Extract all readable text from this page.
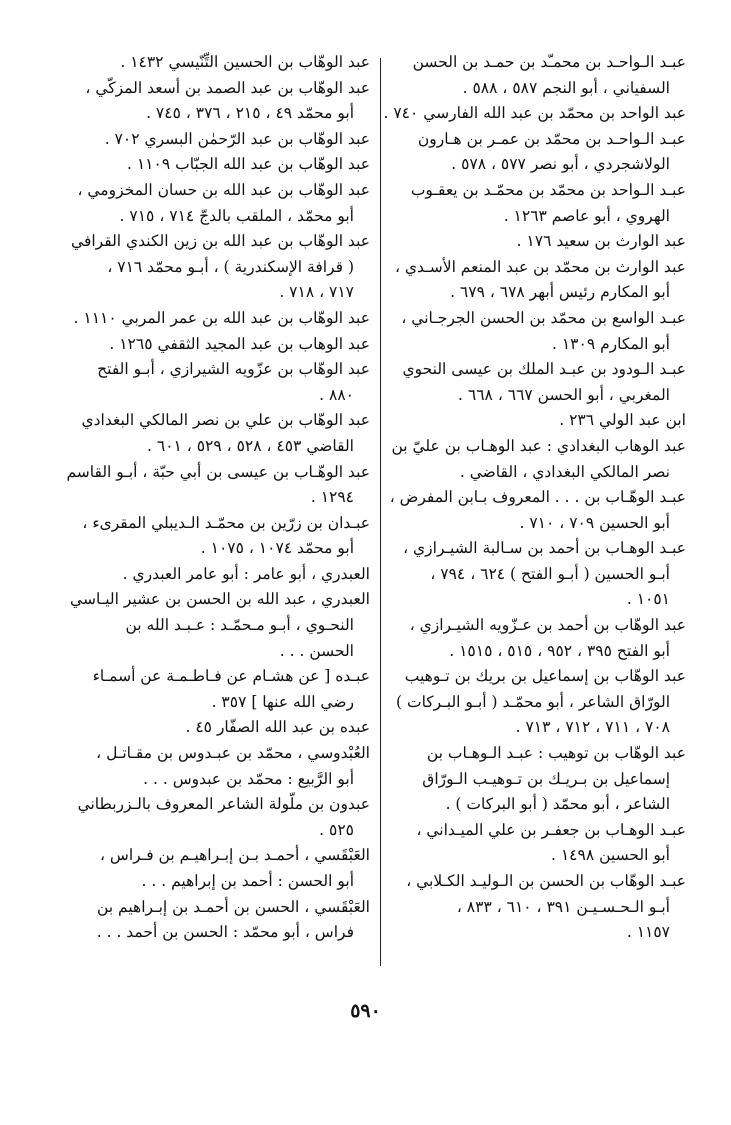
عبـد الـواحـد بن محمـّد بن حمـد بن الحسن
السفياني ، أبو النجم ٥٨٧ ، ٥٨٨ .

عبد الواحد بن محمّد بن عبد الله الفارسي ٧٤٠ .

عبـد الـواحـد بن محمّد بن عمـر بن هـارون
الولاشجردي ، أبو نصر ٥٧٧ ، ٥٧٨ .

عبـد الـواحد بن محمّد بن محمّـد بن يعقـوب
الهروي ، أبو عاصم ١٢٦٣ .

عبد الوارث بن سعيد ١٧٦ .

عبد الوارث بن محمّد بن عبد المنعم الأسـدي ،
أبو المكارم رئيس أبهر ٦٧٨ ، ٦٧٩ .

عبـد الواسع بن محمّد بن الحسن الجرجـاني ،
أبو المكارم ١٣٠٩ .

عبـد الـودود بن عبـد الملك بن عيسى النحوي
المغربي ، أبو الحسن ٦٦٧ ، ٦٦٨ .

ابن عبد الولي ٢٣٦ .

عبد الوهاب البغدادي : عبد الوهـاب بن عليّ بن
نصر المالكي البغدادي ، القاضي .

عبـد الوهّـاب بن . . . المعروف بـابن المفرض ،
أبو الحسين ٧٠٩ ، ٧١٠ .

عبـد الوهـاب بن أحمد بن سـالبة الشيـرازي ،
أبـو الحسين ( أبـو الفتح ) ٦٢٤ ، ٧٩٤ ،
١٠٥١ .

عبد الوهّاب بن أحمد بن عـزّويه الشيـرازي ،
أبو الفتح ٣٩٥ ، ٩٥٢ ، ٥١٥ ، ١٥١٥ .

عبد الوهّاب بن إسماعيل بن بريك بن تـوهيب
الورّاق الشاعر ، أبو محمّـد ( أبـو البـركات )
٧٠٨ ، ٧١١ ، ٧١٢ ، ٧١٣ .

عبد الوهّاب بن توهيب : عبـد الـوهـاب بن
إسماعيل بن بـريـك بن تـوهيـب الـورّاق
الشاعر ، أبو محمّد ( أبو البركات ) .

عبـد الوهـاب بن جعفـر بن علي الميـداني ،
أبو الحسين ١٤٩٨ .

عبـد الوهّاب بن الحسن بن الـوليـد الكـلابي ،
أبـو الـحـسـيـن ٣٩١ ، ٦١٠ ، ٨٣٣ ،
١١٥٧ .

عبد الوهّاب بن الحسين التِّنّيسي ١٤٣٢ .

عبد الوهّاب بن عبد الصمد بن أسعد المزكّي ،
أبو محمّد ٤٩ ، ٢١٥ ، ٣٧٦ ، ٧٤٥ .

عبد الوهّاب بن عبد الرّحمٰن البسري ٧٠٢ .

عبد الوهّاب بن عبد الله الجبّاب ١١٠٩ .

عبد الوهّاب بن عبد الله بن حسان المخزومي ،
أبو محمّد ، الملقب بالدجّ ٧١٤ ، ٧١٥ .

عبد الوهّاب بن عبد الله بن زين الكندي القرافي
( قرافة الإسكندرية ) ، أبـو محمّد ٧١٦ ،
٧١٧ ، ٧١٨ .

عبد الوهّاب بن عبد الله بن عمر المربي ١١١٠ .

عبد الوهاب بن عبد المجيد الثقفي ١٢٦٥ .

عبد الوهّاب بن عزّويه الشيرازي ، أبـو الفتح
٨٨٠ .

عبد الوهّاب بن علي بن نصر المالكي البغدادي
القاضي ٤٥٣ ، ٥٢٨ ، ٥٢٩ ، ٦٠١ .

عبد الوهّـاب بن عيسى بن أبي حبّة ، أبـو القاسم
١٢٩٤ .

عبـدان بن زرّين بن محمّـد الـديبلي المقرىء ،
أبو محمّد ١٠٧٤ ، ١٠٧٥ .

العبدري ، أبو عامر : أبو عامر العبدري .

العبدري ، عبد الله بن الحسن بن عشير اليـاسي
النحـوي ، أبـو مـحمّـد : عـبـد الله بن
الحسن . . .

عبـده [ عن هشـام عن فـاطـمـة عن أسمـاء
رضي الله عنها ] ٣٥٧ .

عبده بن عبد الله الصفّار ٤٥ .

العُبْدوسي ، محمّد بن عبـدوس بن مقـاتـل ،
أبو الرَّبيع : محمّد بن عبدوس . . .

عبدون بن ملّولة الشاعر المعروف بالـزربطاني
٥٢٥ .

العَبْقَسي ، أحمـد بـن إبـراهيـم بن فـراس ،
أبو الحسن : أحمد بن إبراهيم . . .

العَبْقَسي ، الحسن بن أحمـد بن إبـراهيم بن
فراس ، أبو محمّد : الحسن بن أحمد . . .

٥٩٠
